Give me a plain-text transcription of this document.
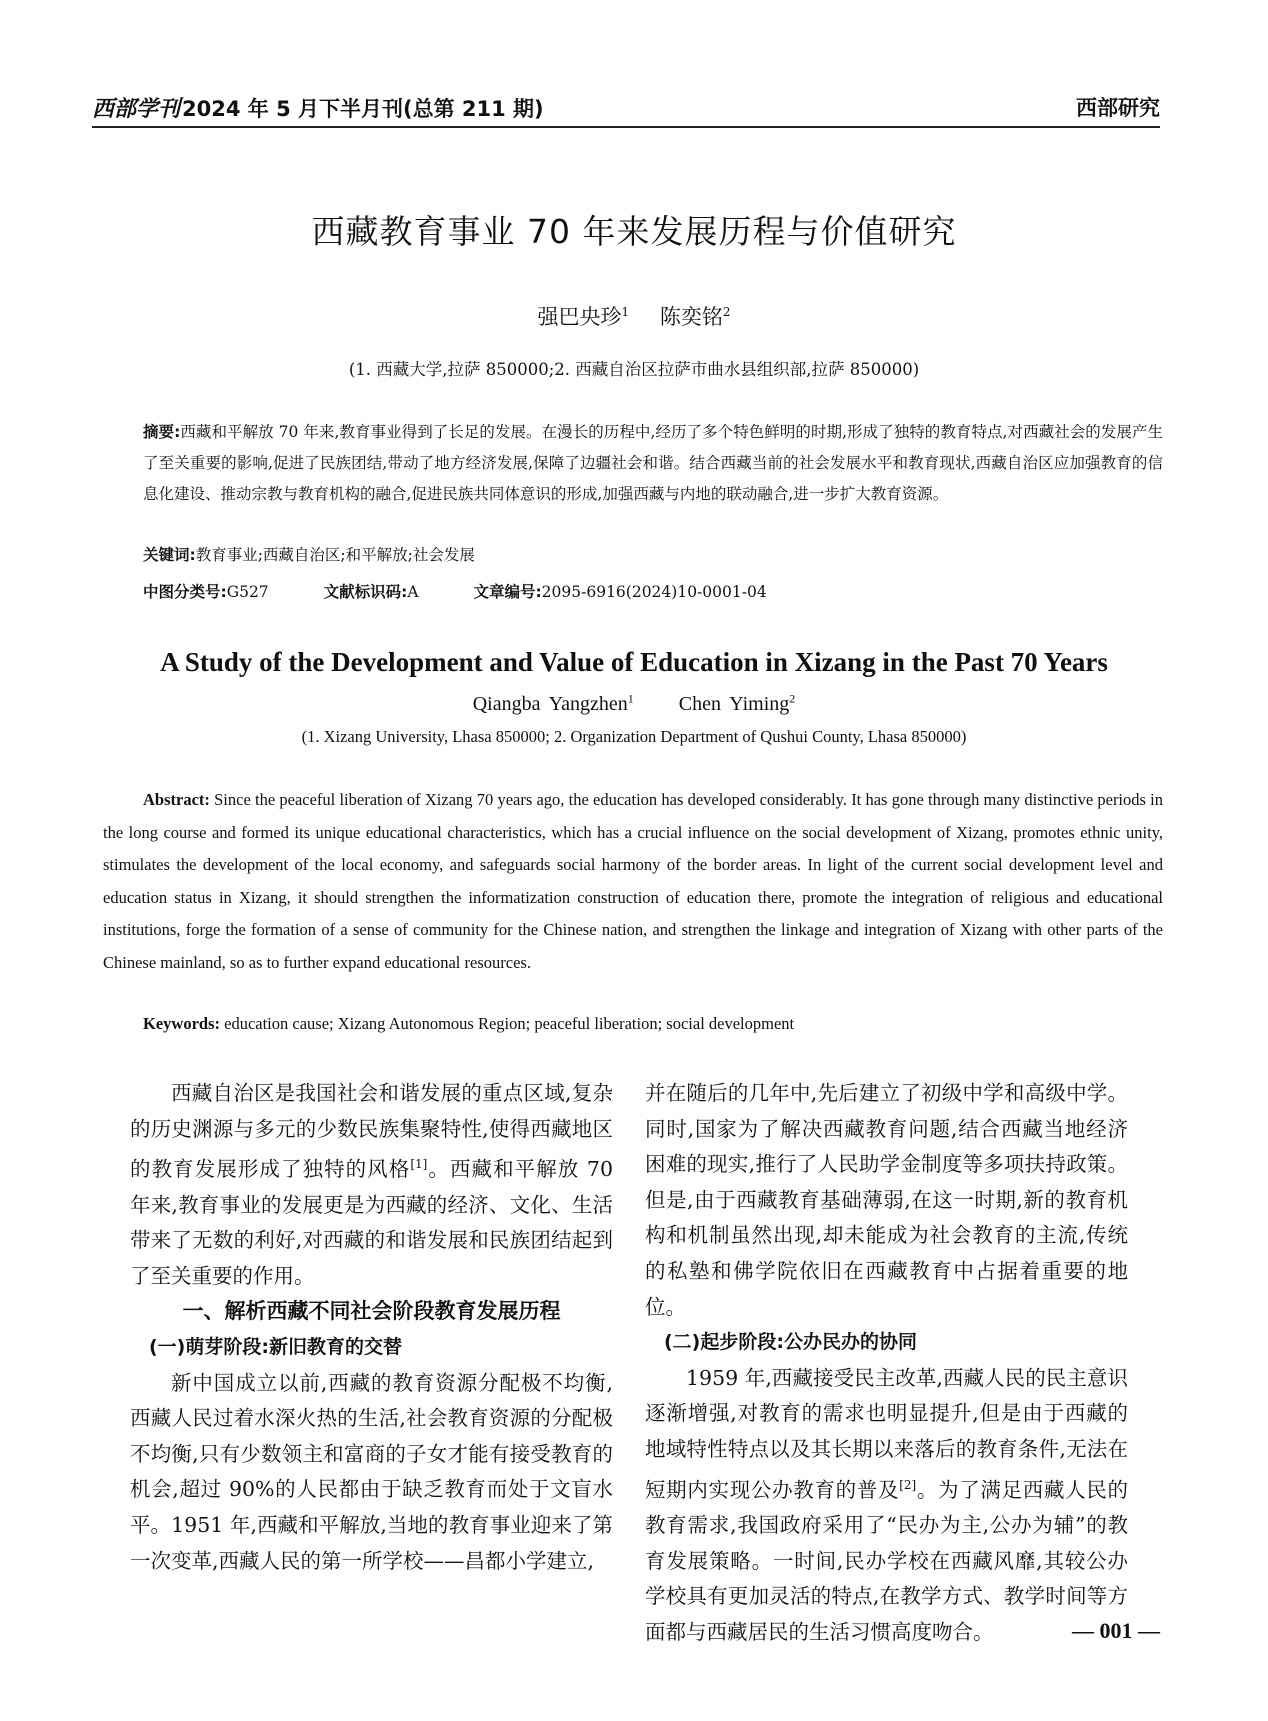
西部学刊2024 年 5 月下半月刊(总第 211 期)	西部研究
西藏教育事业 70 年来发展历程与价值研究
强巴央珍$^1$ 陈奕铭$^2$
(1. 西藏大学,拉萨 850000;2. 西藏自治区拉萨市曲水县组织部,拉萨 850000)
摘要:西藏和平解放 70 年来,教育事业得到了长足的发展。在漫长的历程中,经历了多个特色鲜明的时期,形成了独特的教育特点,对西藏社会的发展产生了至关重要的影响,促进了民族团结,带动了地方经济发展,保障了边疆社会和谐。结合西藏当前的社会发展水平和教育现状,西藏自治区应加强教育的信息化建设、推动宗教与教育机构的融合,促进民族共同体意识的形成,加强西藏与内地的联动融合,进一步扩大教育资源。
关键词:教育事业;西藏自治区;和平解放;社会发展
中图分类号:G527	文献标识码:A	文章编号:2095-6916(2024)10-0001-04
A Study of the Development and Value of Education in Xizang in the Past 70 Years
Qiangba Yangzhen$^1$ Chen Yiming$^2$
(1. Xizang University, Lhasa 850000; 2. Organization Department of Qushui County, Lhasa 850000)
Abstract: Since the peaceful liberation of Xizang 70 years ago, the education has developed considerably. It has gone through many distinctive periods in the long course and formed its unique educational characteristics, which has a crucial influence on the social development of Xizang, promotes ethnic unity, stimulates the development of the local economy, and safeguards social harmony of the border areas. In light of the current social development level and education status in Xizang, it should strengthen the informatization construction of education there, promote the integration of religious and educational institutions, forge the formation of a sense of community for the Chinese nation, and strengthen the linkage and integration of Xizang with other parts of the Chinese mainland, so as to further expand educational resources.
Keywords: education cause; Xizang Autonomous Region; peaceful liberation; social development

西藏自治区是我国社会和谐发展的重点区域,复杂的历史渊源与多元的少数民族集聚特性,使得西藏地区的教育发展形成了独特的风格[1]。西藏和平解放 70 年来,教育事业的发展更是为西藏的经济、文化、生活带来了无数的利好,对西藏的和谐发展和民族团结起到了至关重要的作用。

一、解析西藏不同社会阶段教育发展历程
(一)萌芽阶段:新旧教育的交替

新中国成立以前,西藏的教育资源分配极不均衡,西藏人民过着水深火热的生活,社会教育资源的分配极不均衡,只有少数领主和富商的子女才能有接受教育的机会,超过 90%的人民都由于缺乏教育而处于文盲水平。1951 年,西藏和平解放,当地的教育事业迎来了第一次变革,西藏人民的第一所学校——昌都小学建立,

并在随后的几年中,先后建立了初级中学和高级中学。同时,国家为了解决西藏教育问题,结合西藏当地经济困难的现实,推行了人民助学金制度等多项扶持政策。但是,由于西藏教育基础薄弱,在这一时期,新的教育机构和机制虽然出现,却未能成为社会教育的主流,传统的私塾和佛学院依旧在西藏教育中占据着重要的地位。

(二)起步阶段:公办民办的协同

1959 年,西藏接受民主改革,西藏人民的民主意识逐渐增强,对教育的需求也明显提升,但是由于西藏的地域特性特点以及其长期以来落后的教育条件,无法在短期内实现公办教育的普及[2]。为了满足西藏人民的教育需求,我国政府采用了“民办为主,公办为辅”的教育发展策略。一时间,民办学校在西藏风靡,其较公办学校具有更加灵活的特点,在教学方式、教学时间等方面都与西藏居民的生活习惯高度吻合。	— 001 —
